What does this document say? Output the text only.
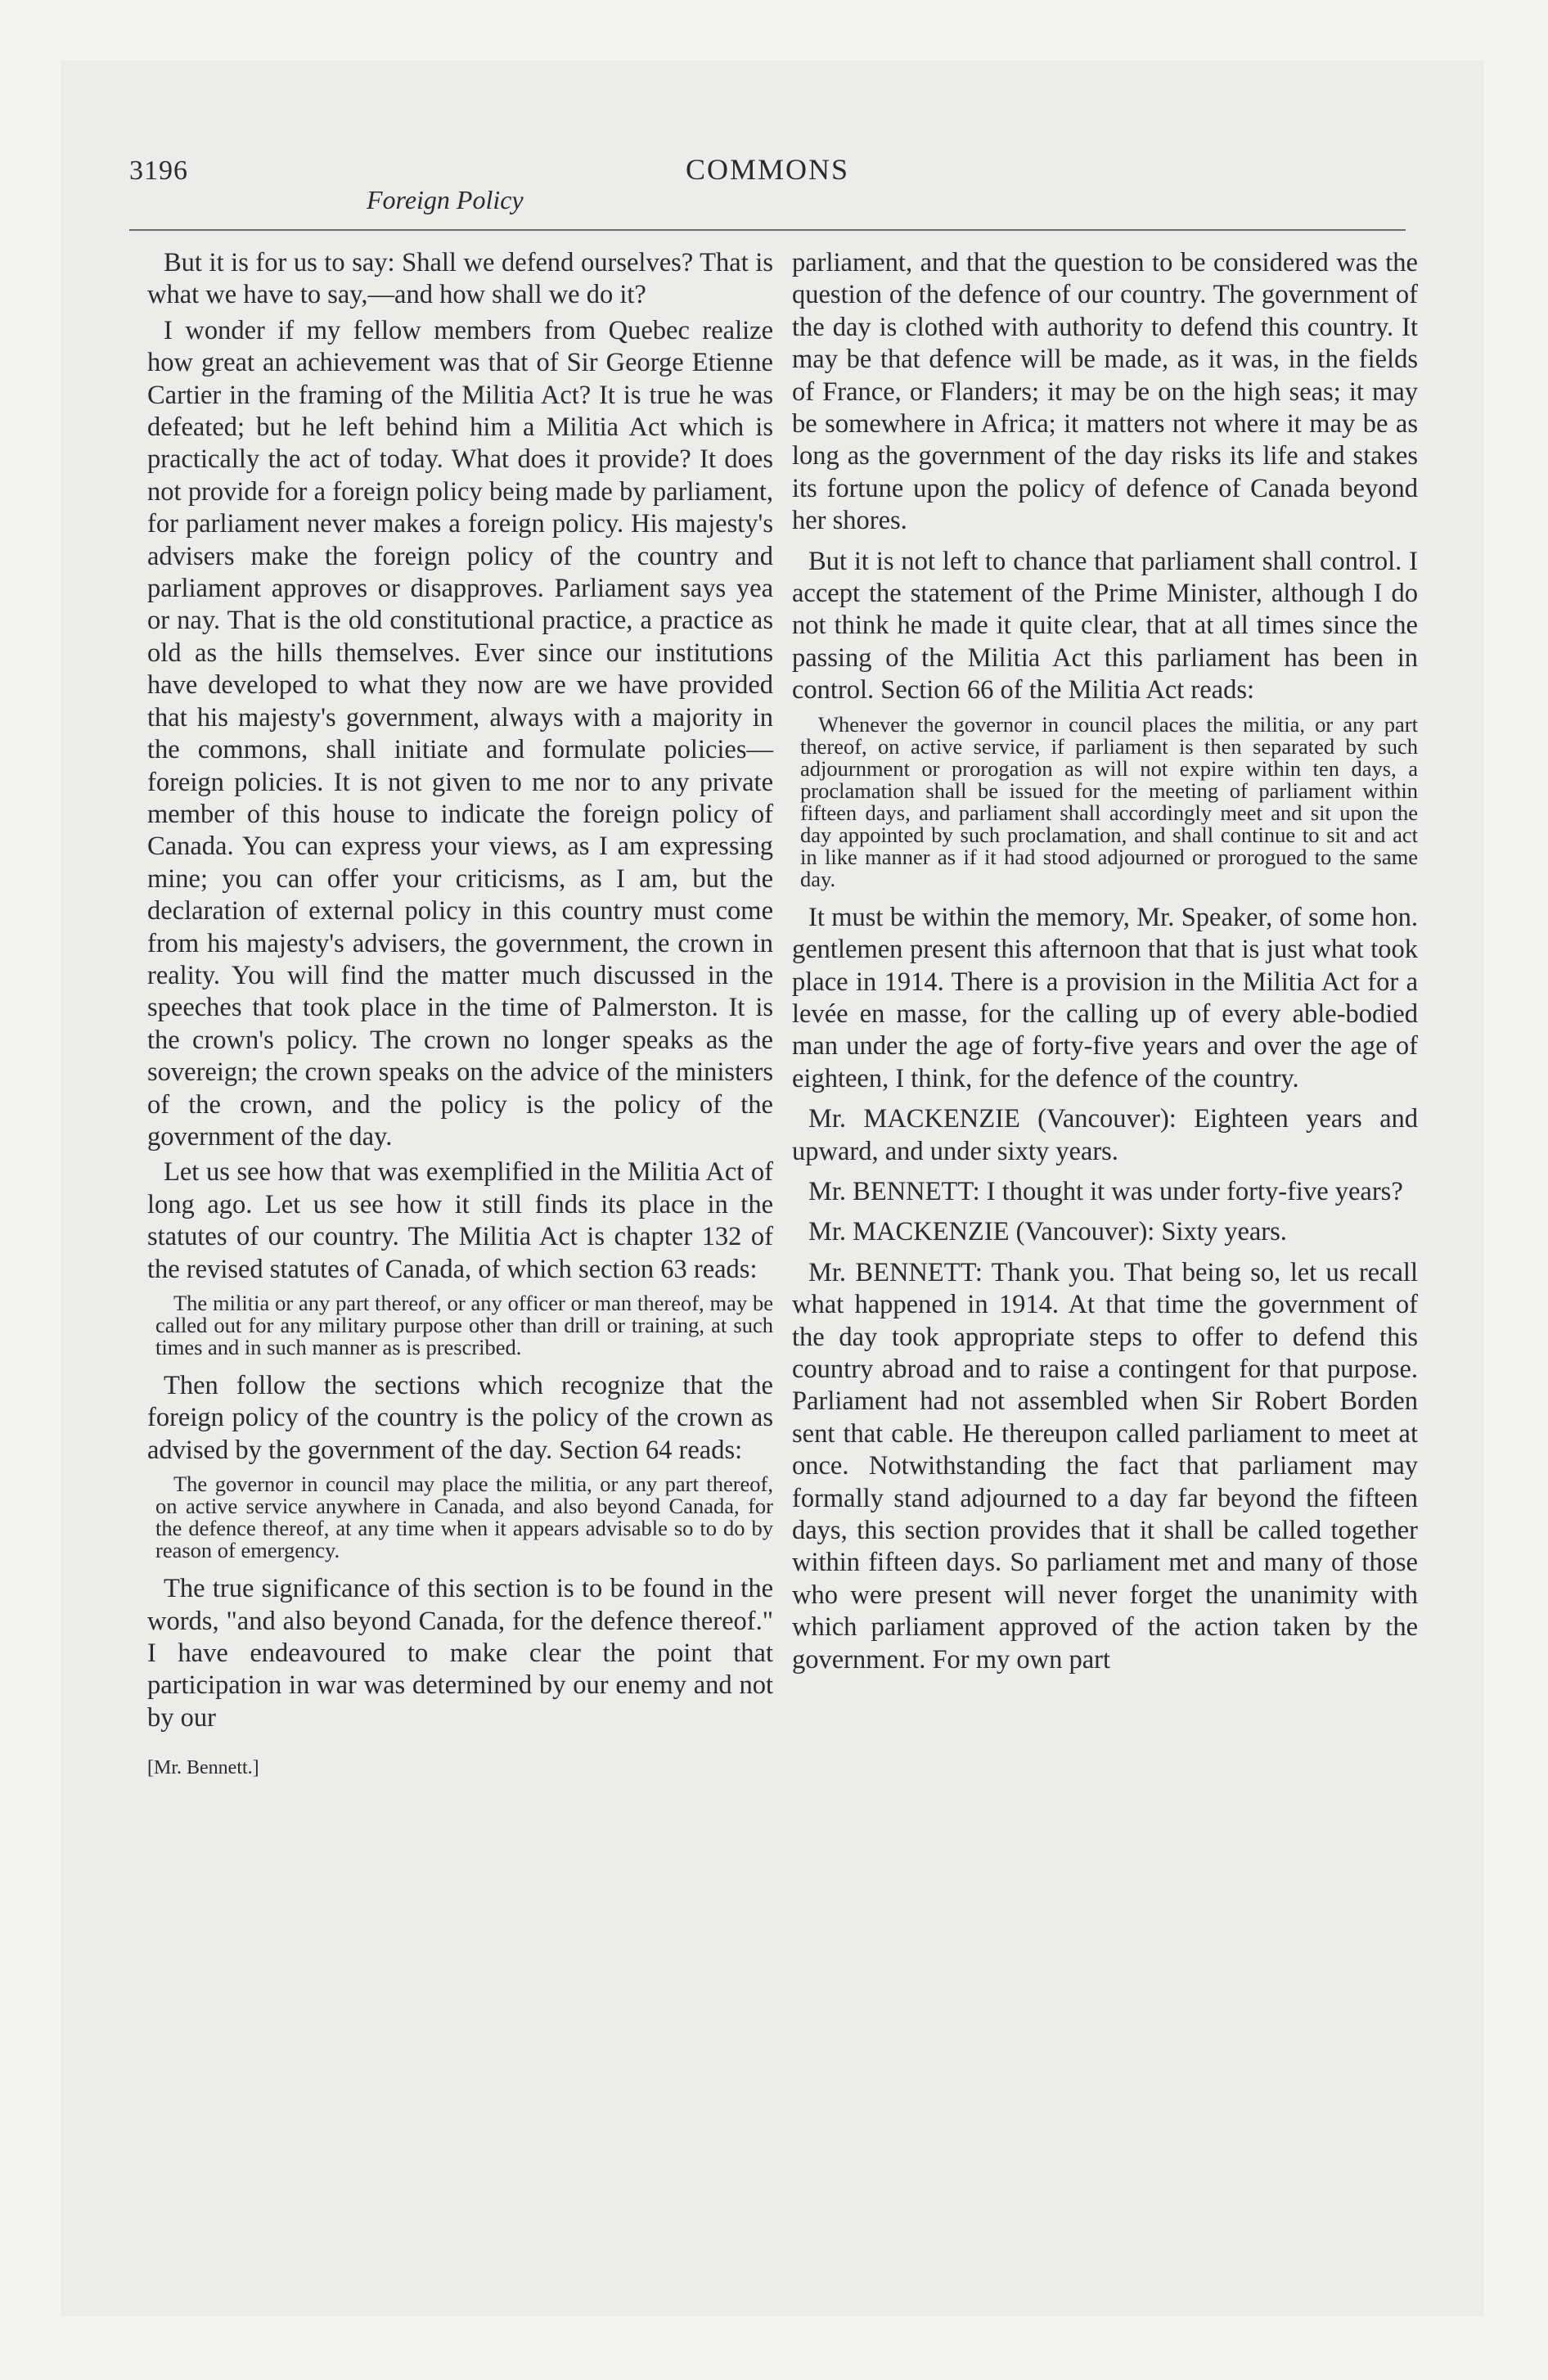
3196	COMMONS
Foreign Policy

But it is for us to say: Shall we defend ourselves? That is what we have to say,—and how shall we do it?

I wonder if my fellow members from Quebec realize how great an achievement was that of Sir George Etienne Cartier in the framing of the Militia Act? It is true he was defeated; but he left behind him a Militia Act which is practically the act of today. What does it provide? It does not provide for a foreign policy being made by parliament, for parliament never makes a foreign policy. His majesty's advisers make the foreign policy of the country and parliament approves or disapproves. Parliament says yea or nay. That is the old constitutional practice, a practice as old as the hills themselves. Ever since our institutions have developed to what they now are we have provided that his majesty's government, always with a majority in the commons, shall initiate and formulate policies—foreign policies. It is not given to me nor to any private member of this house to indicate the foreign policy of Canada. You can express your views, as I am expressing mine; you can offer your criticisms, as I am, but the declaration of external policy in this country must come from his majesty's advisers, the government, the crown in reality. You will find the matter much discussed in the speeches that took place in the time of Palmerston. It is the crown's policy. The crown no longer speaks as the sovereign; the crown speaks on the advice of the ministers of the crown, and the policy is the policy of the government of the day.

Let us see how that was exemplified in the Militia Act of long ago. Let us see how it still finds its place in the statutes of our country. The Militia Act is chapter 132 of the revised statutes of Canada, of which section 63 reads:

The militia or any part thereof, or any officer or man thereof, may be called out for any military purpose other than drill or training, at such times and in such manner as is prescribed.

Then follow the sections which recognize that the foreign policy of the country is the policy of the crown as advised by the government of the day. Section 64 reads:

The governor in council may place the militia, or any part thereof, on active service anywhere in Canada, and also beyond Canada, for the defence thereof, at any time when it appears advisable so to do by reason of emergency.

The true significance of this section is to be found in the words, "and also beyond Canada, for the defence thereof." I have endeavoured to make clear the point that participation in war was determined by our enemy and not by our

[Mr. Bennett.]

parliament, and that the question to be considered was the question of the defence of our country. The government of the day is clothed with authority to defend this country. It may be that defence will be made, as it was, in the fields of France, or Flanders; it may be on the high seas; it may be somewhere in Africa; it matters not where it may be as long as the government of the day risks its life and stakes its fortune upon the policy of defence of Canada beyond her shores.

But it is not left to chance that parliament shall control. I accept the statement of the Prime Minister, although I do not think he made it quite clear, that at all times since the passing of the Militia Act this parliament has been in control. Section 66 of the Militia Act reads:

Whenever the governor in council places the militia, or any part thereof, on active service, if parliament is then separated by such adjournment or prorogation as will not expire within ten days, a proclamation shall be issued for the meeting of parliament within fifteen days, and parliament shall accordingly meet and sit upon the day appointed by such proclamation, and shall continue to sit and act in like manner as if it had stood adjourned or prorogued to the same day.

It must be within the memory, Mr. Speaker, of some hon. gentlemen present this afternoon that that is just what took place in 1914. There is a provision in the Militia Act for a levée en masse, for the calling up of every able-bodied man under the age of forty-five years and over the age of eighteen, I think, for the defence of the country.

Mr. MACKENZIE (Vancouver): Eighteen years and upward, and under sixty years.

Mr. BENNETT: I thought it was under forty-five years?

Mr. MACKENZIE (Vancouver): Sixty years.

Mr. BENNETT: Thank you. That being so, let us recall what happened in 1914. At that time the government of the day took appropriate steps to offer to defend this country abroad and to raise a contingent for that purpose. Parliament had not assembled when Sir Robert Borden sent that cable. He thereupon called parliament to meet at once. Notwithstanding the fact that parliament may formally stand adjourned to a day far beyond the fifteen days, this section provides that it shall be called together within fifteen days. So parliament met and many of those who were present will never forget the unanimity with which parliament approved of the action taken by the government. For my own part
